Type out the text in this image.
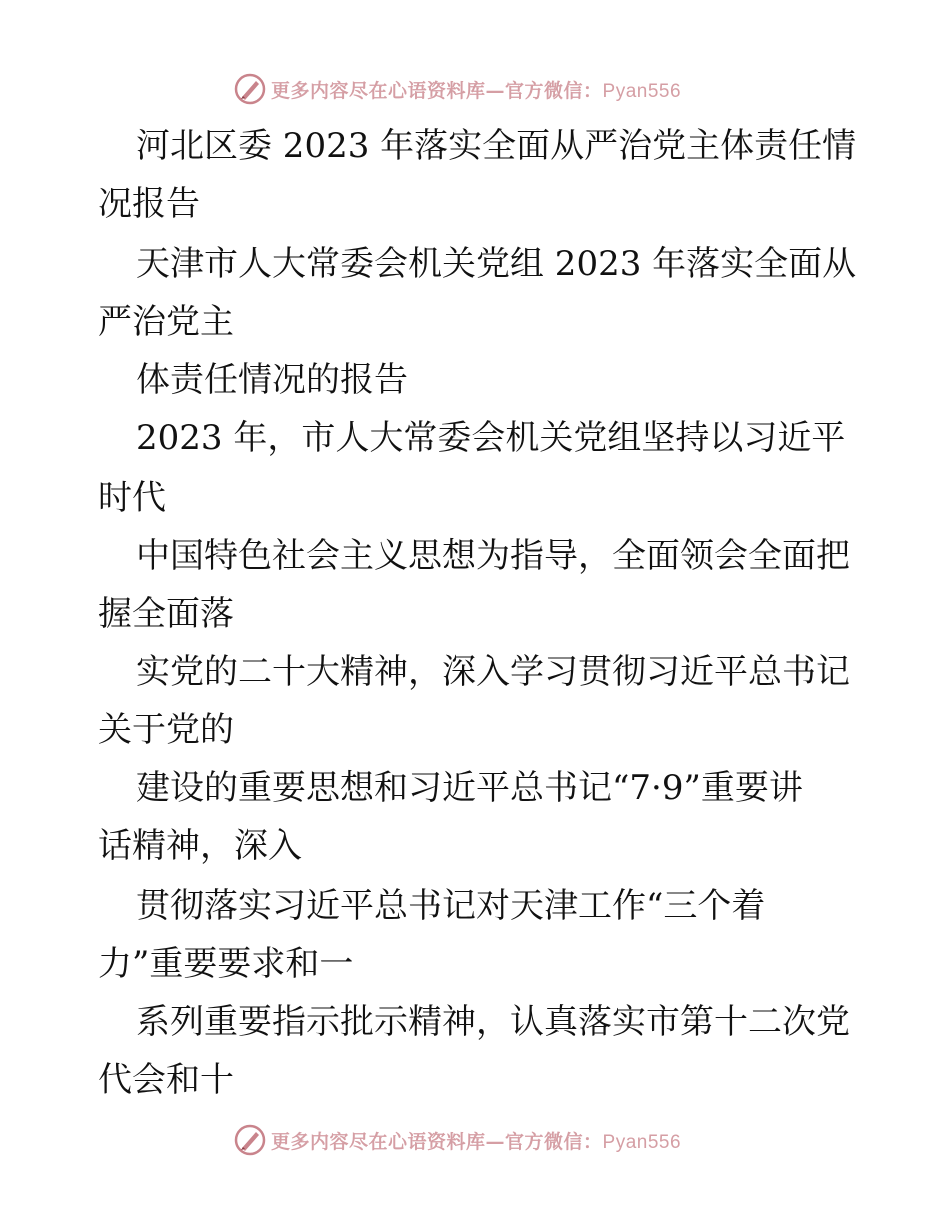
更多内容尽在心语资料库—官方微信：Pyan556
河北区委 2023 年落实全面从严治党主体责任情
况报告
天津市人大常委会机关党组 2023 年落实全面从
严治党主
体责任情况的报告
2023 年，市人大常委会机关党组坚持以习近平
时代
中国特色社会主义思想为指导，全面领会全面把
握全面落
实党的二十大精神，深入学习贯彻习近平总书记
关于党的
建设的重要思想和习近平总书记“7·9”重要讲
话精神，深入
贯彻落实习近平总书记对天津工作“三个着
力”重要要求和一
系列重要指示批示精神，认真落实市第十二次党
代会和十
更多内容尽在心语资料库—官方微信：Pyan556
